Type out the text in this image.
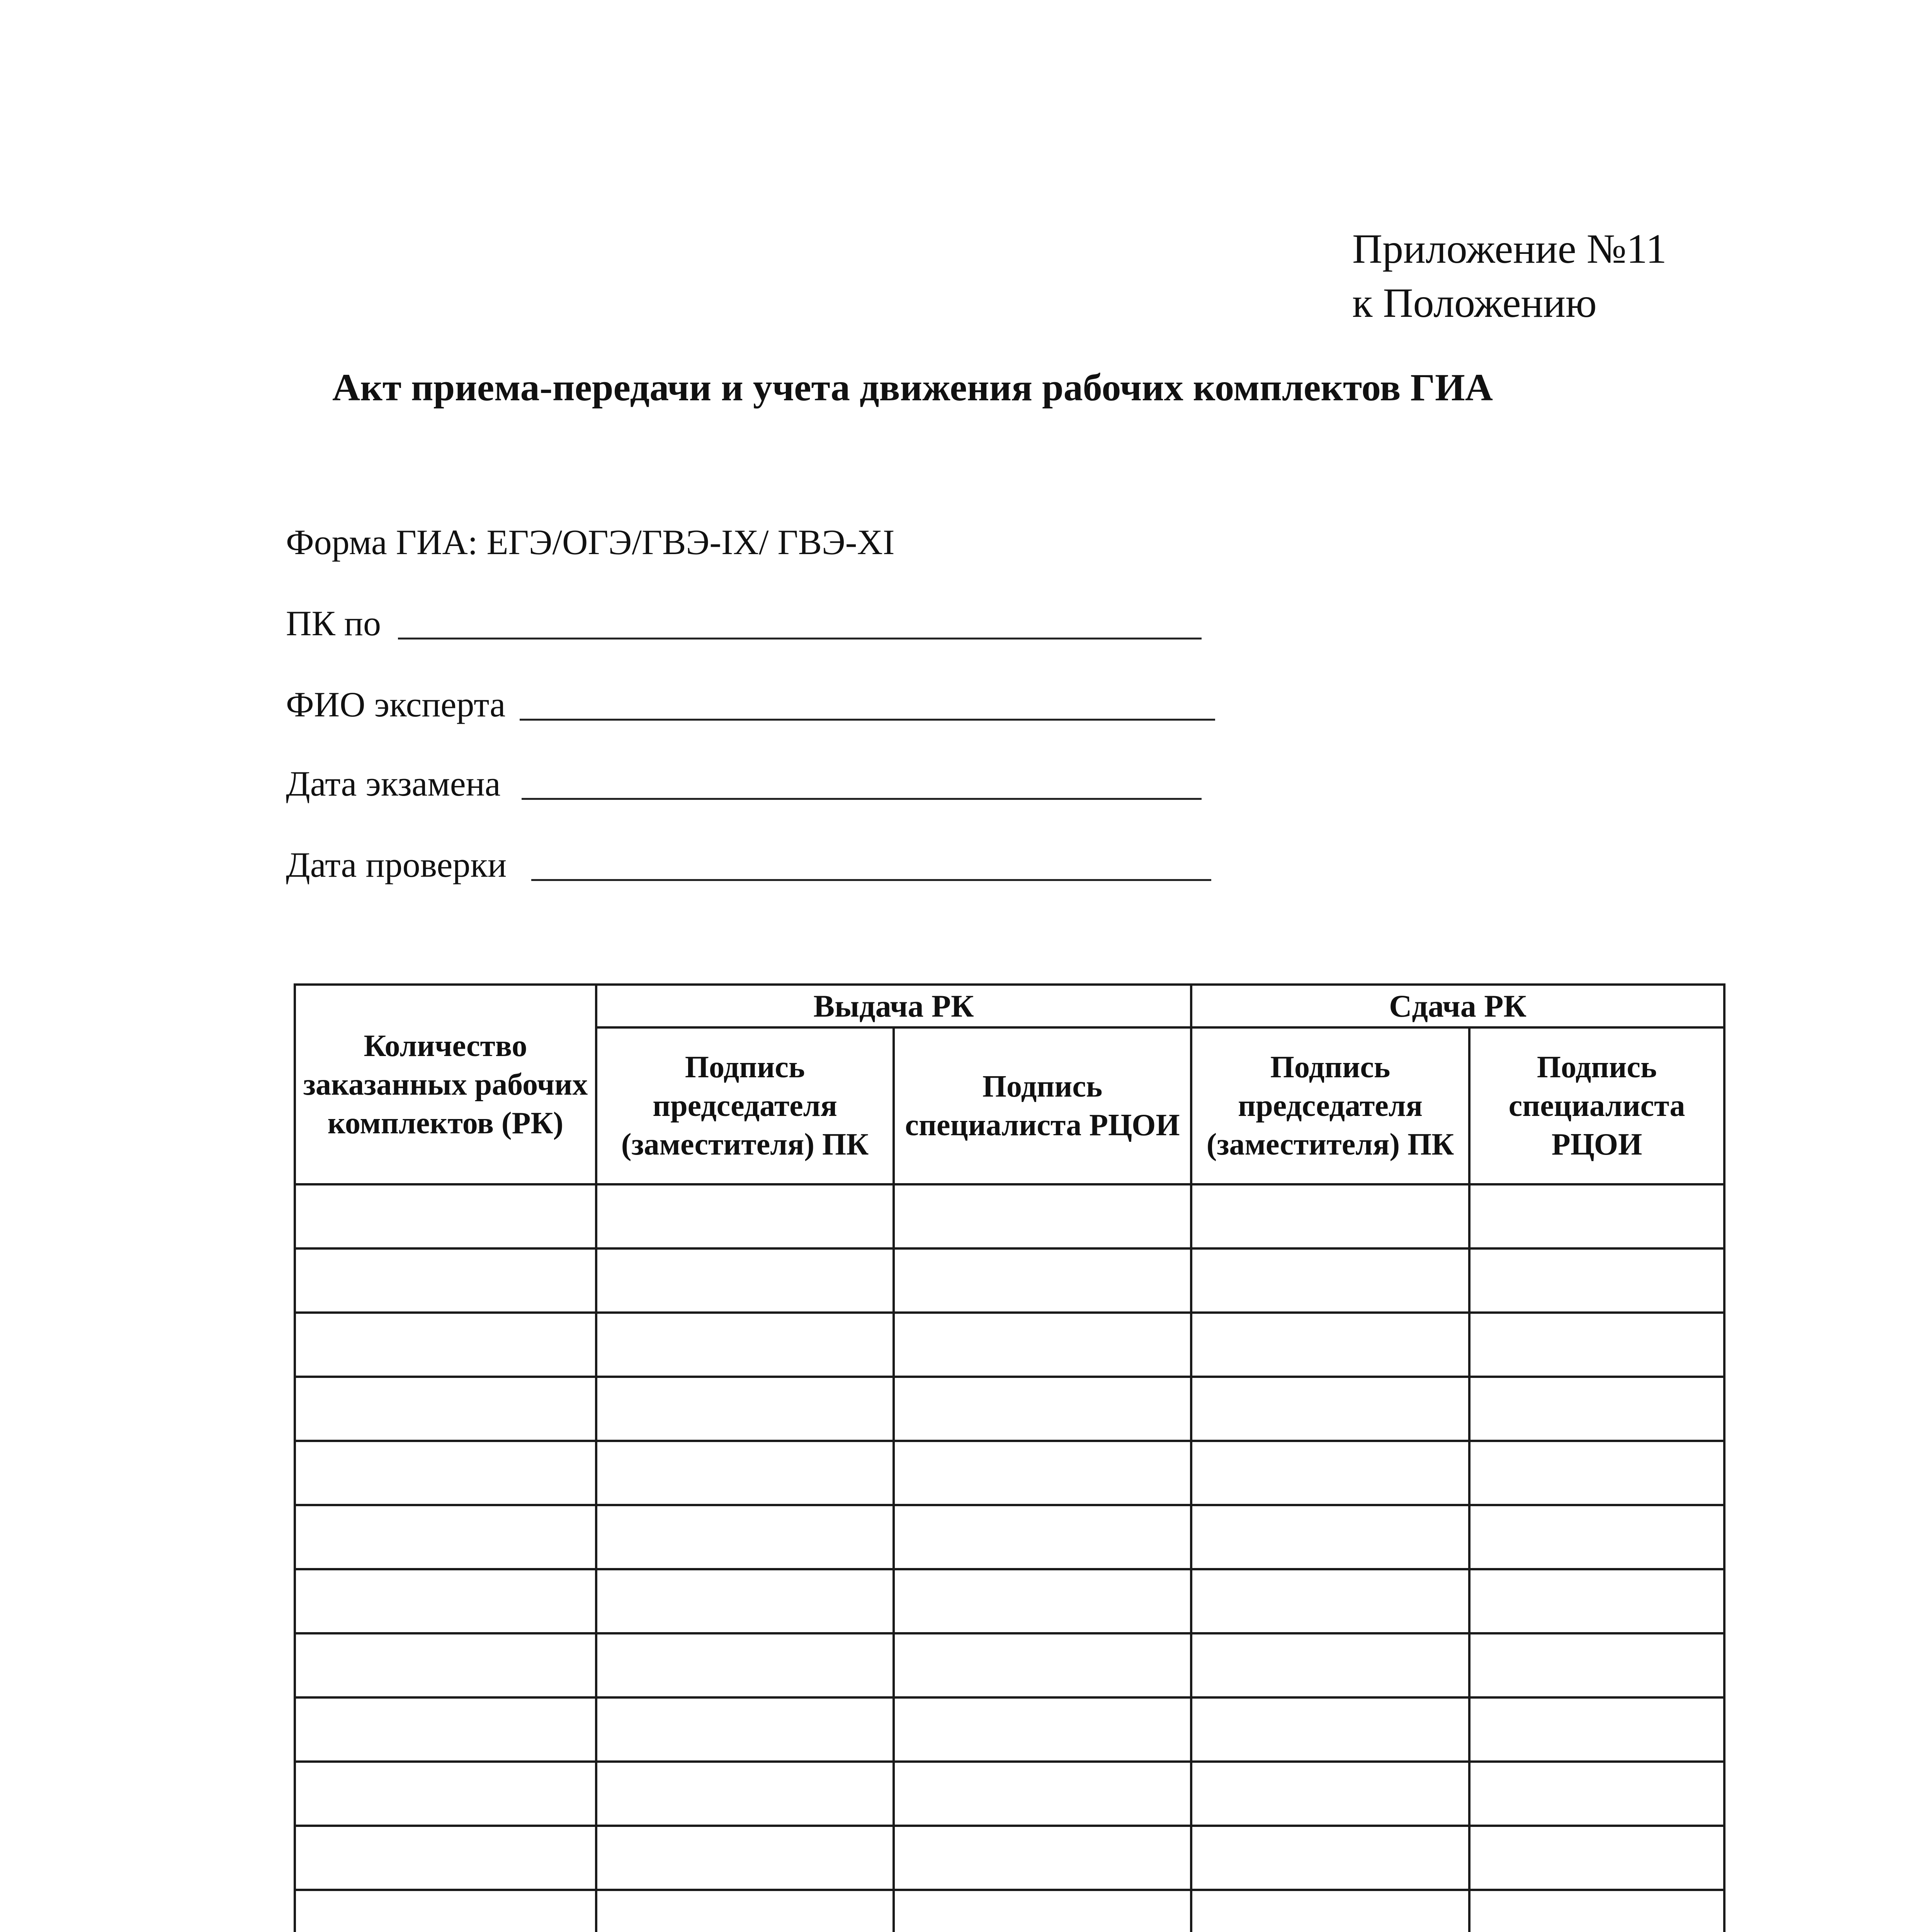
Приложение №11
к Положению
Акт приема-передачи и учета движения рабочих комплектов ГИА
Форма ГИА: ЕГЭ/ОГЭ/ГВЭ-IX/ ГВЭ-XI
ПК по
ФИО эксперта
Дата экзамена
Дата проверки
Количество заказанных рабочих комплектов (РК)	Выдача РК		Сдача РК	
	Подпись председателя (заместителя) ПК	Подпись специалиста РЦОИ	Подпись председателя (заместителя) ПК	Подпись специалиста РЦОИ
